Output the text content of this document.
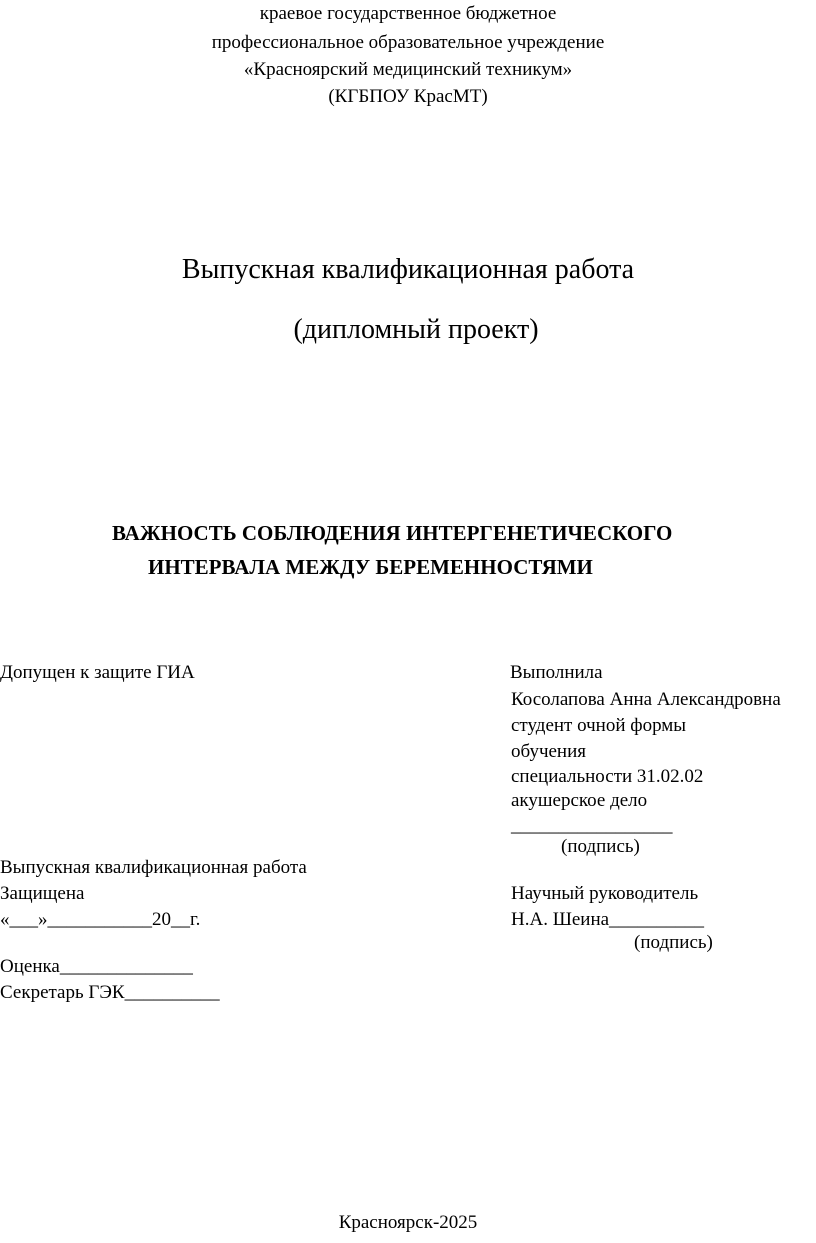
краевое государственное бюджетное
профессиональное образовательное учреждение
«Красноярский медицинский техникум»
(КГБПОУ КрасМТ)
Выпускная квалификационная работа
(дипломный проект)
ВАЖНОСТЬ СОБЛЮДЕНИЯ ИНТЕРГЕНЕТИЧЕСКОГО
ИНТЕРВАЛА МЕЖДУ БЕРЕМЕННОСТЯМИ
Допущен к защите ГИА
Выпускная квалификационная работа
Защищена
«___»___________20__г.
Оценка______________
Секретарь ГЭК__________
Выполнила
Косолапова Анна Александровна
студент очной формы
обучения
специальности 31.02.02
акушерское дело
_________________
(подпись)
Научный руководитель
Н.А. Шеина__________
(подпись)
Красноярск-2025
